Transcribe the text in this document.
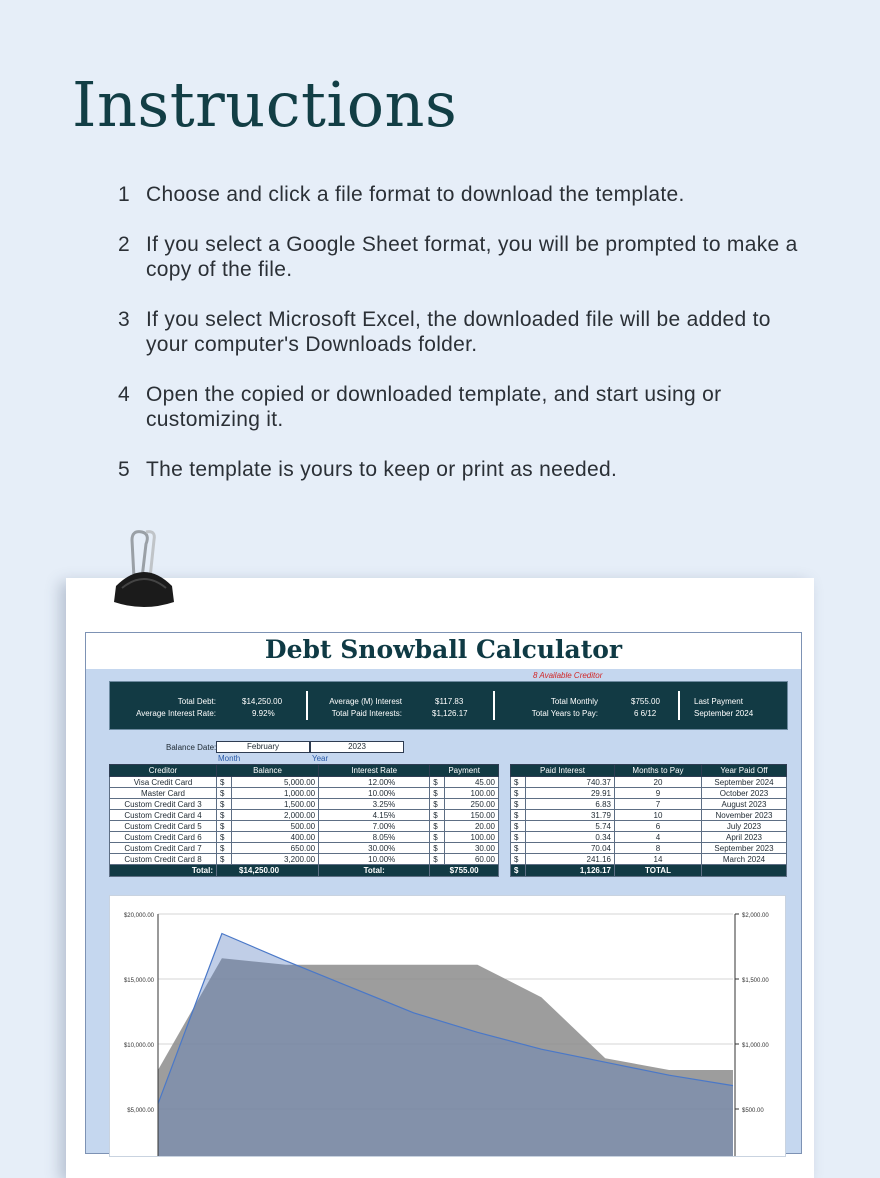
Instructions
1 Choose and click a file format to download the template.
2 If you select a Google Sheet format, you will be prompted to make a copy of the file.
3 If you select Microsoft Excel, the downloaded file will be added to your computer's Downloads folder.
4 Open the copied or downloaded template, and start using or customizing it.
5 The template is yours to keep or print as needed.
Debt Snowball Calculator
8 Available Creditor
Total Debt:	$14,250.00
Average Interest Rate:	9.92%
Average (M) Interest	$117.83
Total Paid Interests:	$1,126.17
Total Monthly	$755.00
Total Years to Pay:	6 6/12
Last Payment
September 2024
Balance Date:	February	2023
Month	Year
Creditor	Balance		Interest Rate	Payment	
Visa Credit Card	$	5,000.00	12.00%	$	45.00
Master Card	$	1,000.00	10.00%	$	100.00
Custom Credit Card 3	$	1,500.00	3.25%	$	250.00
Custom Credit Card 4	$	2,000.00	4.15%	$	150.00
Custom Credit Card 5	$	500.00	7.00%	$	20.00
Custom Credit Card 6	$	400.00	8.05%	$	100.00
Custom Credit Card 7	$	650.00	30.00%	$	30.00
Custom Credit Card 8	$	3,200.00	10.00%	$	60.00
Total:	$14,250.00		Total:	$755.00	
Paid Interest		Months to Pay	Year Paid Off
$	740.37	20	September 2024
$	29.91	9	October 2023
$	6.83	7	August 2023
$	31.79	10	November 2023
$	5.74	6	July 2023
$	0.34	4	April 2023
$	70.04	8	September 2023
$	241.16	14	March 2024
$	1,126.17	TOTAL	
$20,000.00
$15,000.00
$10,000.00
$5,000.00
$2,000.00
$1,500.00
$1,000.00
$500.00
